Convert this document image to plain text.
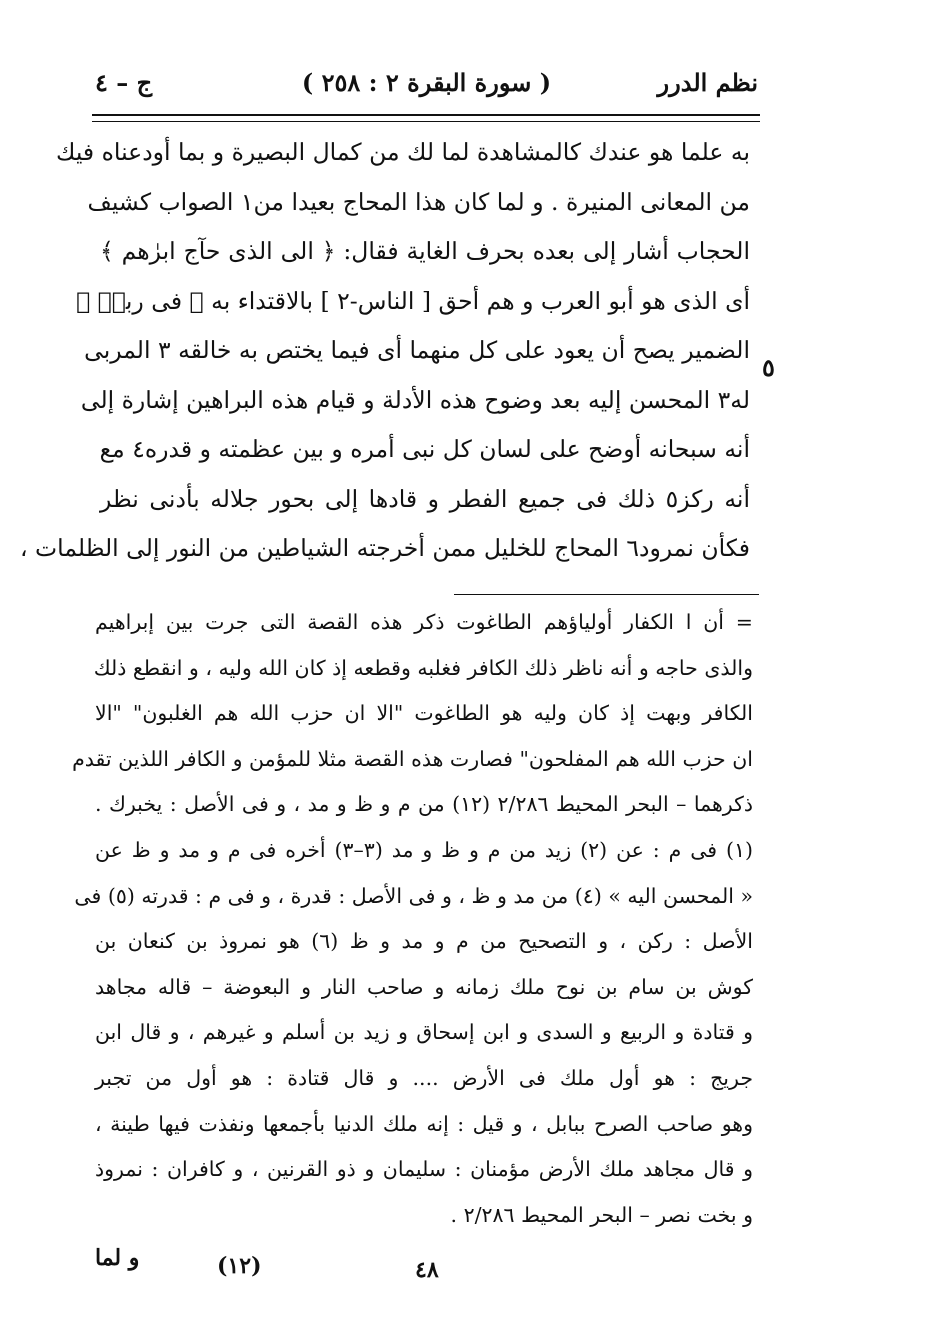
نظم الدرر
( سورة البقرة ٢ : ٢٥٨ )
ج – ٤
به علما هو عندك كالمشاهدة لما لك من كمال البصيرة و بما أودعناه فيك
من المعانى المنيرة . و لما كان هذا المحاج بعيدا من١ الصواب كشيف
الحجاب أشار إلى بعده بحرف الغاية فقال: ﴿ الى الذى حآج ابرٰهم ﴾
أى الذى هو أبو العرب و هم أحق [ الناس-٢ ] بالاقتداء به ﴿ فى ربهٖ ﴾
الضمير يصح أن يعود على كل منهما أى فيما يختص به خالقه ٣ المربى
له٣ المحسن إليه بعد وضوح هذه الأدلة و قيام هذه البراهين إشارة إلى
أنه سبحانه أوضح على لسان كل نبى أمره و بين عظمته و قدره٤ مع
أنه ركز٥ ذلك فى جميع الفطر و قادها إلى بحور جلاله بأدنى نظر
فكأن نمرود٦ المحاج للخليل ممن أخرجته الشياطين من النور إلى الظلمات ،
٥
= أن ا الكفار أولياؤهم الطاغوت ذكر هذه القصة التى جرت بين إبراهيم
والذى حاجه و أنه ناظر ذلك الكافر فغلبه وقطعه إذ كان الله وليه ، و انقطع ذلك
الكافر وبهت إذ كان وليه هو الطاغوت "الا ان حزب الله هم الغلبون" "الا
ان حزب الله هم المفلحون" فصارت هذه القصة مثلا للمؤمن و الكافر اللذين تقدم
ذكرهما – البحر المحيط ٢/٢٨٦ (١٢) من م و ظ و مد ، و فى الأصل : يخبرك .
(١) فى م : عن (٢) زيد من م و ظ و مد (٣–٣) أخره فى م و مد و ظ عن
« المحسن اليه » (٤) من مد و ظ ، و فى الأصل : قدرة ، و فى م : قدرته (٥) فى
الأصل : ركن ، و التصحيح من م و مد و ظ (٦) هو نمروذ بن كنعان بن
كوش بن سام بن نوح ملك زمانه و صاحب النار و البعوضة – قاله مجاهد
و قتادة و الربيع و السدى و ابن إسحاق و زيد بن أسلم و غيرهم ، و قال ابن
جريج : هو أول ملك فى الأرض .... و قال قتادة : هو أول من تجبر
وهو صاحب الصرح ببابل ، و قيل : إنه ملك الدنيا بأجمعها ونفذت فيها طينة ،
و قال مجاهد ملك الأرض مؤمنان : سليمان و ذو القرنين ، و كافران : نمروذ
و بخت نصر – البحر المحيط ٢/٢٨٦ .
٤٨
(١٢)
و لما
